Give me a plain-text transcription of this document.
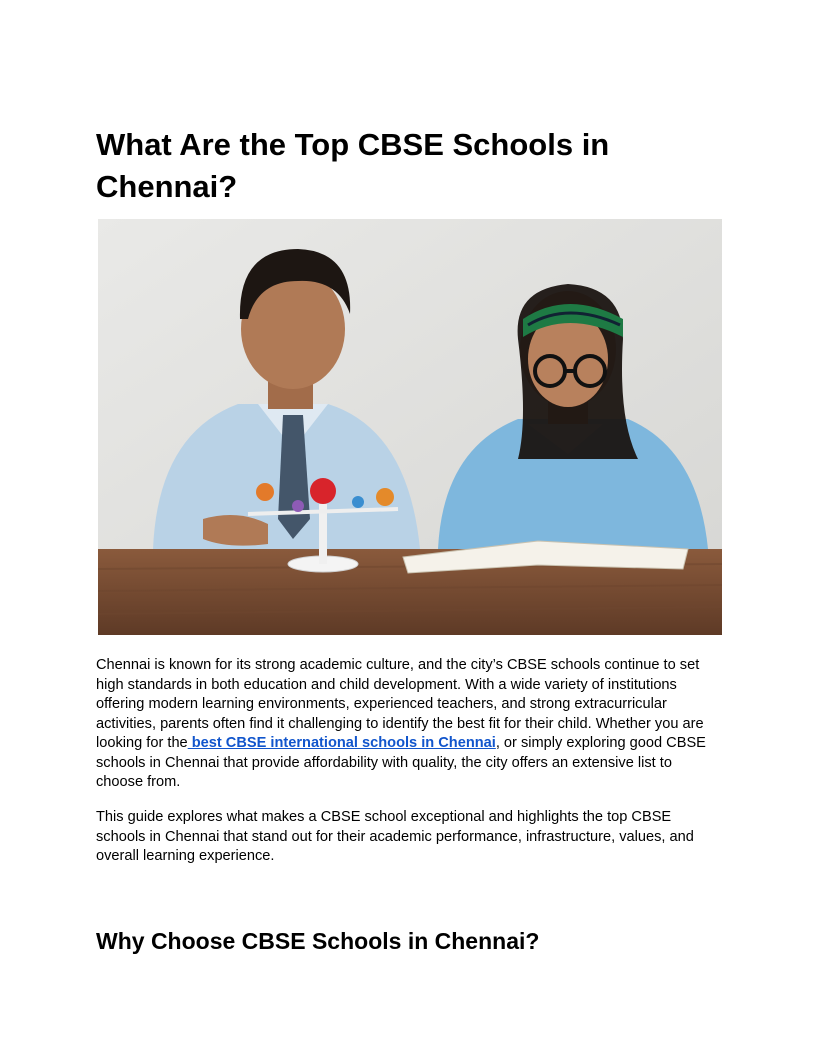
What Are the Top CBSE Schools in Chennai?

Chennai is known for its strong academic culture, and the city’s CBSE schools continue to set high standards in both education and child development. With a wide variety of institutions offering modern learning environments, experienced teachers, and strong extracurricular activities, parents often find it challenging to identify the best fit for their child. Whether you are looking for the best CBSE international schools in Chennai, or simply exploring good CBSE schools in Chennai that provide affordability with quality, the city offers an extensive list to choose from.

This guide explores what makes a CBSE school exceptional and highlights the top CBSE schools in Chennai that stand out for their academic performance, infrastructure, values, and overall learning experience.

Why Choose CBSE Schools in Chennai?
